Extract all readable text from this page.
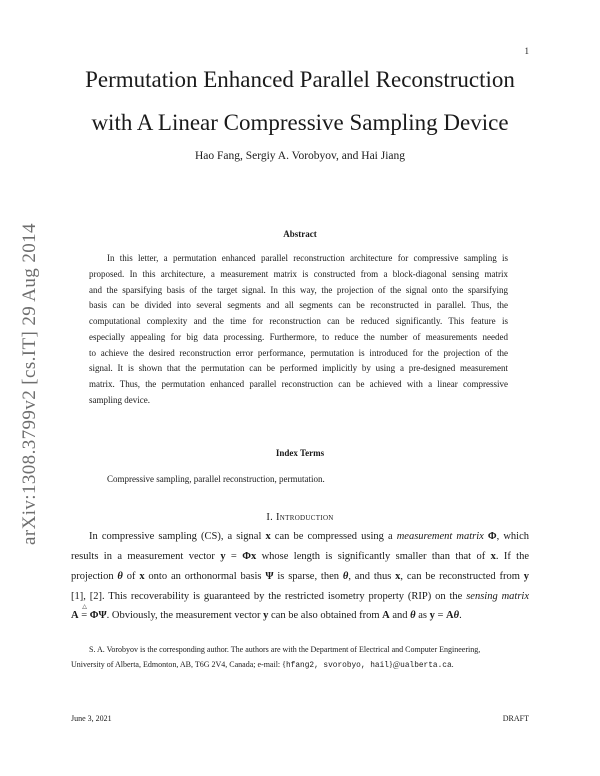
1
arXiv:1308.3799v2 [cs.IT] 29 Aug 2014
Permutation Enhanced Parallel Reconstruction
with A Linear Compressive Sampling Device
Hao Fang, Sergiy A. Vorobyov, and Hai Jiang
Abstract
In this letter, a permutation enhanced parallel reconstruction architecture for compressive sampling is
proposed. In this architecture, a measurement matrix is constructed from a block-diagonal sensing matrix
and the sparsifying basis of the target signal. In this way, the projection of the signal onto the sparsifying
basis can be divided into several segments and all segments can be reconstructed in parallel. Thus, the
computational complexity and the time for reconstruction can be reduced significantly. This feature is
especially appealing for big data processing. Furthermore, to reduce the number of measurements needed
to achieve the desired reconstruction error performance, permutation is introduced for the projection of the
signal. It is shown that the permutation can be performed implicitly by using a pre-designed measurement
matrix. Thus, the permutation enhanced parallel reconstruction can be achieved with a linear compressive
sampling device.
Index Terms
Compressive sampling, parallel reconstruction, permutation.
I. Introduction
In compressive sampling (CS), a signal x can be compressed using a measurement matrix Φ, which
results in a measurement vector y = Φx whose length is significantly smaller than that of x. If the
projection θ of x onto an orthonormal basis Ψ is sparse, then θ, and thus x, can be reconstructed from y
[1], [2]. This recoverability is guaranteed by the restricted isometry property (RIP) on the sensing matrix
A =
△
ΦΨ. Obviously, the measurement vector y can be also obtained from A and θ as y = Aθ.
S. A. Vorobyov is the corresponding author. The authors are with the Department of Electrical and Computer Engineering,
University of Alberta, Edmonton, AB, T6G 2V4, Canada; e-mail: {hfang2, svorobyo, hail}@ualberta.ca.
June 3, 2021	DRAFT
